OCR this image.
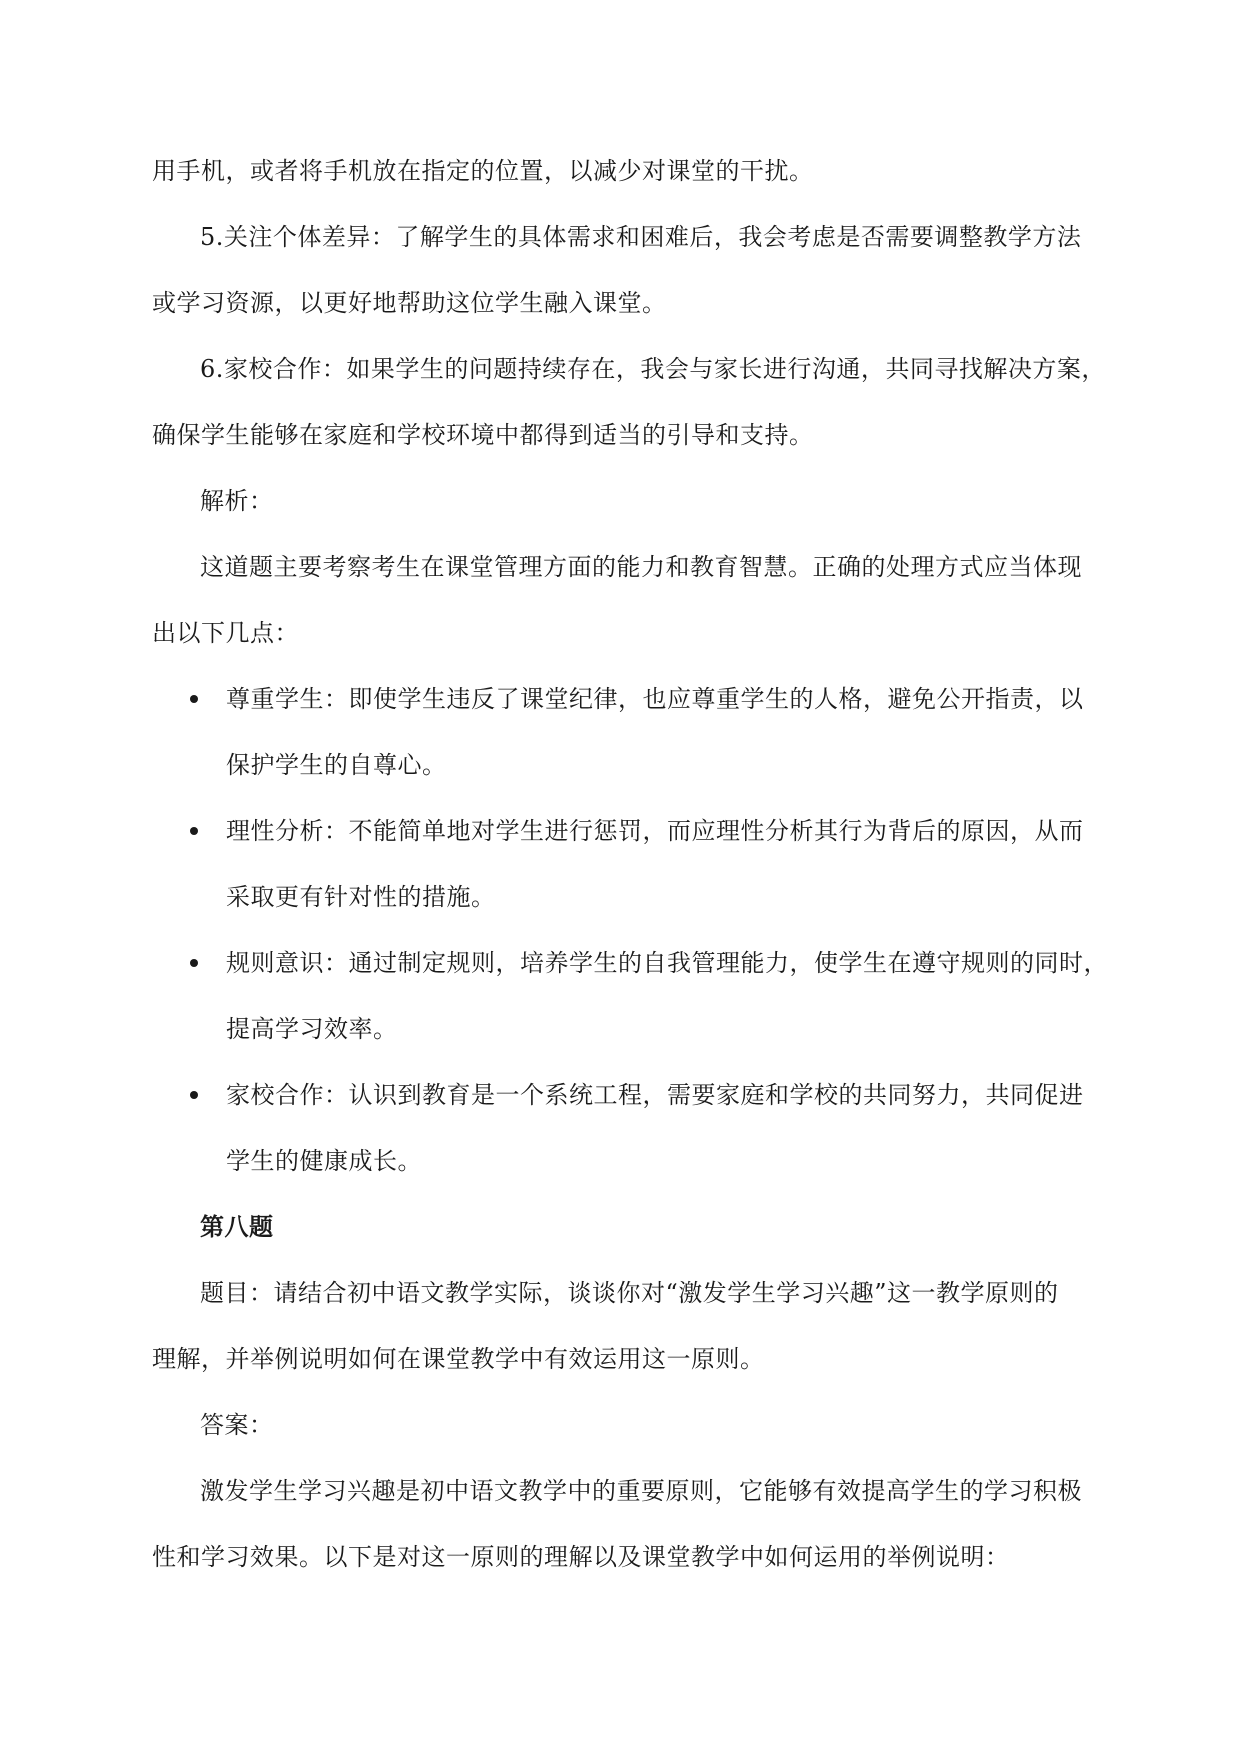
用手机，或者将手机放在指定的位置，以减少对课堂的干扰。
5.关注个体差异：了解学生的具体需求和困难后，我会考虑是否需要调整教学方法
或学习资源，以更好地帮助这位学生融入课堂。
6.家校合作：如果学生的问题持续存在，我会与家长进行沟通，共同寻找解决方案，
确保学生能够在家庭和学校环境中都得到适当的引导和支持。
解析：
这道题主要考察考生在课堂管理方面的能力和教育智慧。正确的处理方式应当体现
出以下几点：
尊重学生：即使学生违反了课堂纪律，也应尊重学生的人格，避免公开指责，以
保护学生的自尊心。
理性分析：不能简单地对学生进行惩罚，而应理性分析其行为背后的原因，从而
采取更有针对性的措施。
规则意识：通过制定规则，培养学生的自我管理能力，使学生在遵守规则的同时，
提高学习效率。
家校合作：认识到教育是一个系统工程，需要家庭和学校的共同努力，共同促进
学生的健康成长。
第八题
题目：请结合初中语文教学实际，谈谈你对“激发学生学习兴趣”这一教学原则的
理解，并举例说明如何在课堂教学中有效运用这一原则。
答案：
激发学生学习兴趣是初中语文教学中的重要原则，它能够有效提高学生的学习积极
性和学习效果。以下是对这一原则的理解以及课堂教学中如何运用的举例说明：
